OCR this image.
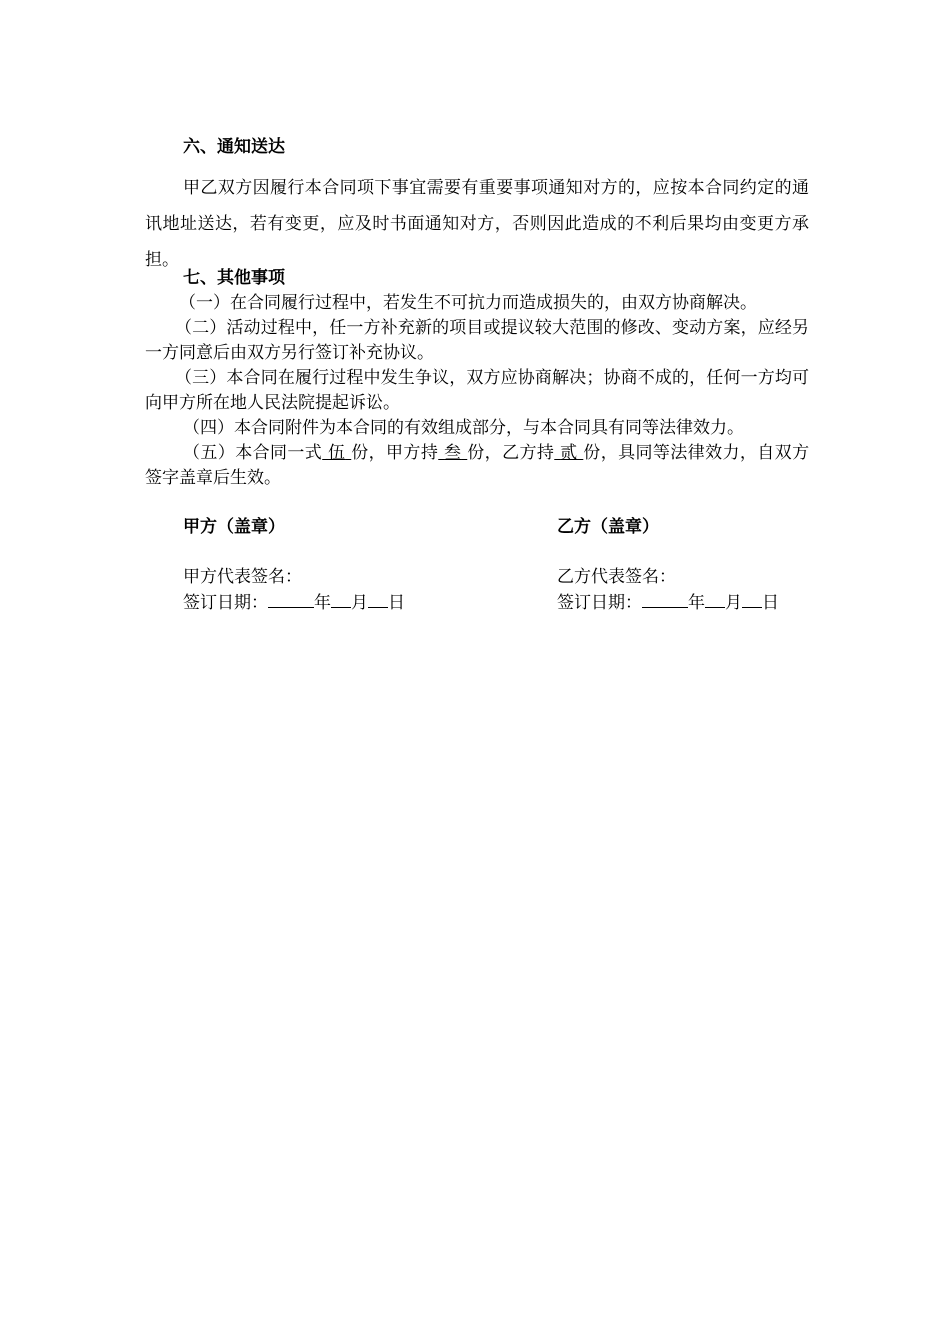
六、通知送达

甲乙双方因履行本合同项下事宜需要有重要事项通知对方的，应按本合同约定的通讯地址送达，若有变更，应及时书面通知对方，否则因此造成的不利后果均由变更方承担。

七、其他事项

（一）在合同履行过程中，若发生不可抗力而造成损失的，由双方协商解决。

（二）活动过程中，任一方补充新的项目或提议较大范围的修改、变动方案，应经另一方同意后由双方另行签订补充协议。

（三）本合同在履行过程中发生争议，双方应协商解决；协商不成的，任何一方均可向甲方所在地人民法院提起诉讼。

（四）本合同附件为本合同的有效组成部分，与本合同具有同等法律效力。

（五）本合同一式 伍 份，甲方持 叁 份，乙方持 贰 份，具同等法律效力，自双方签字盖章后生效。

甲方（盖章）
甲方代表签名：
签订日期：	年 月 日
乙方（盖章）
乙方代表签名：
签订日期：	年 月 日
